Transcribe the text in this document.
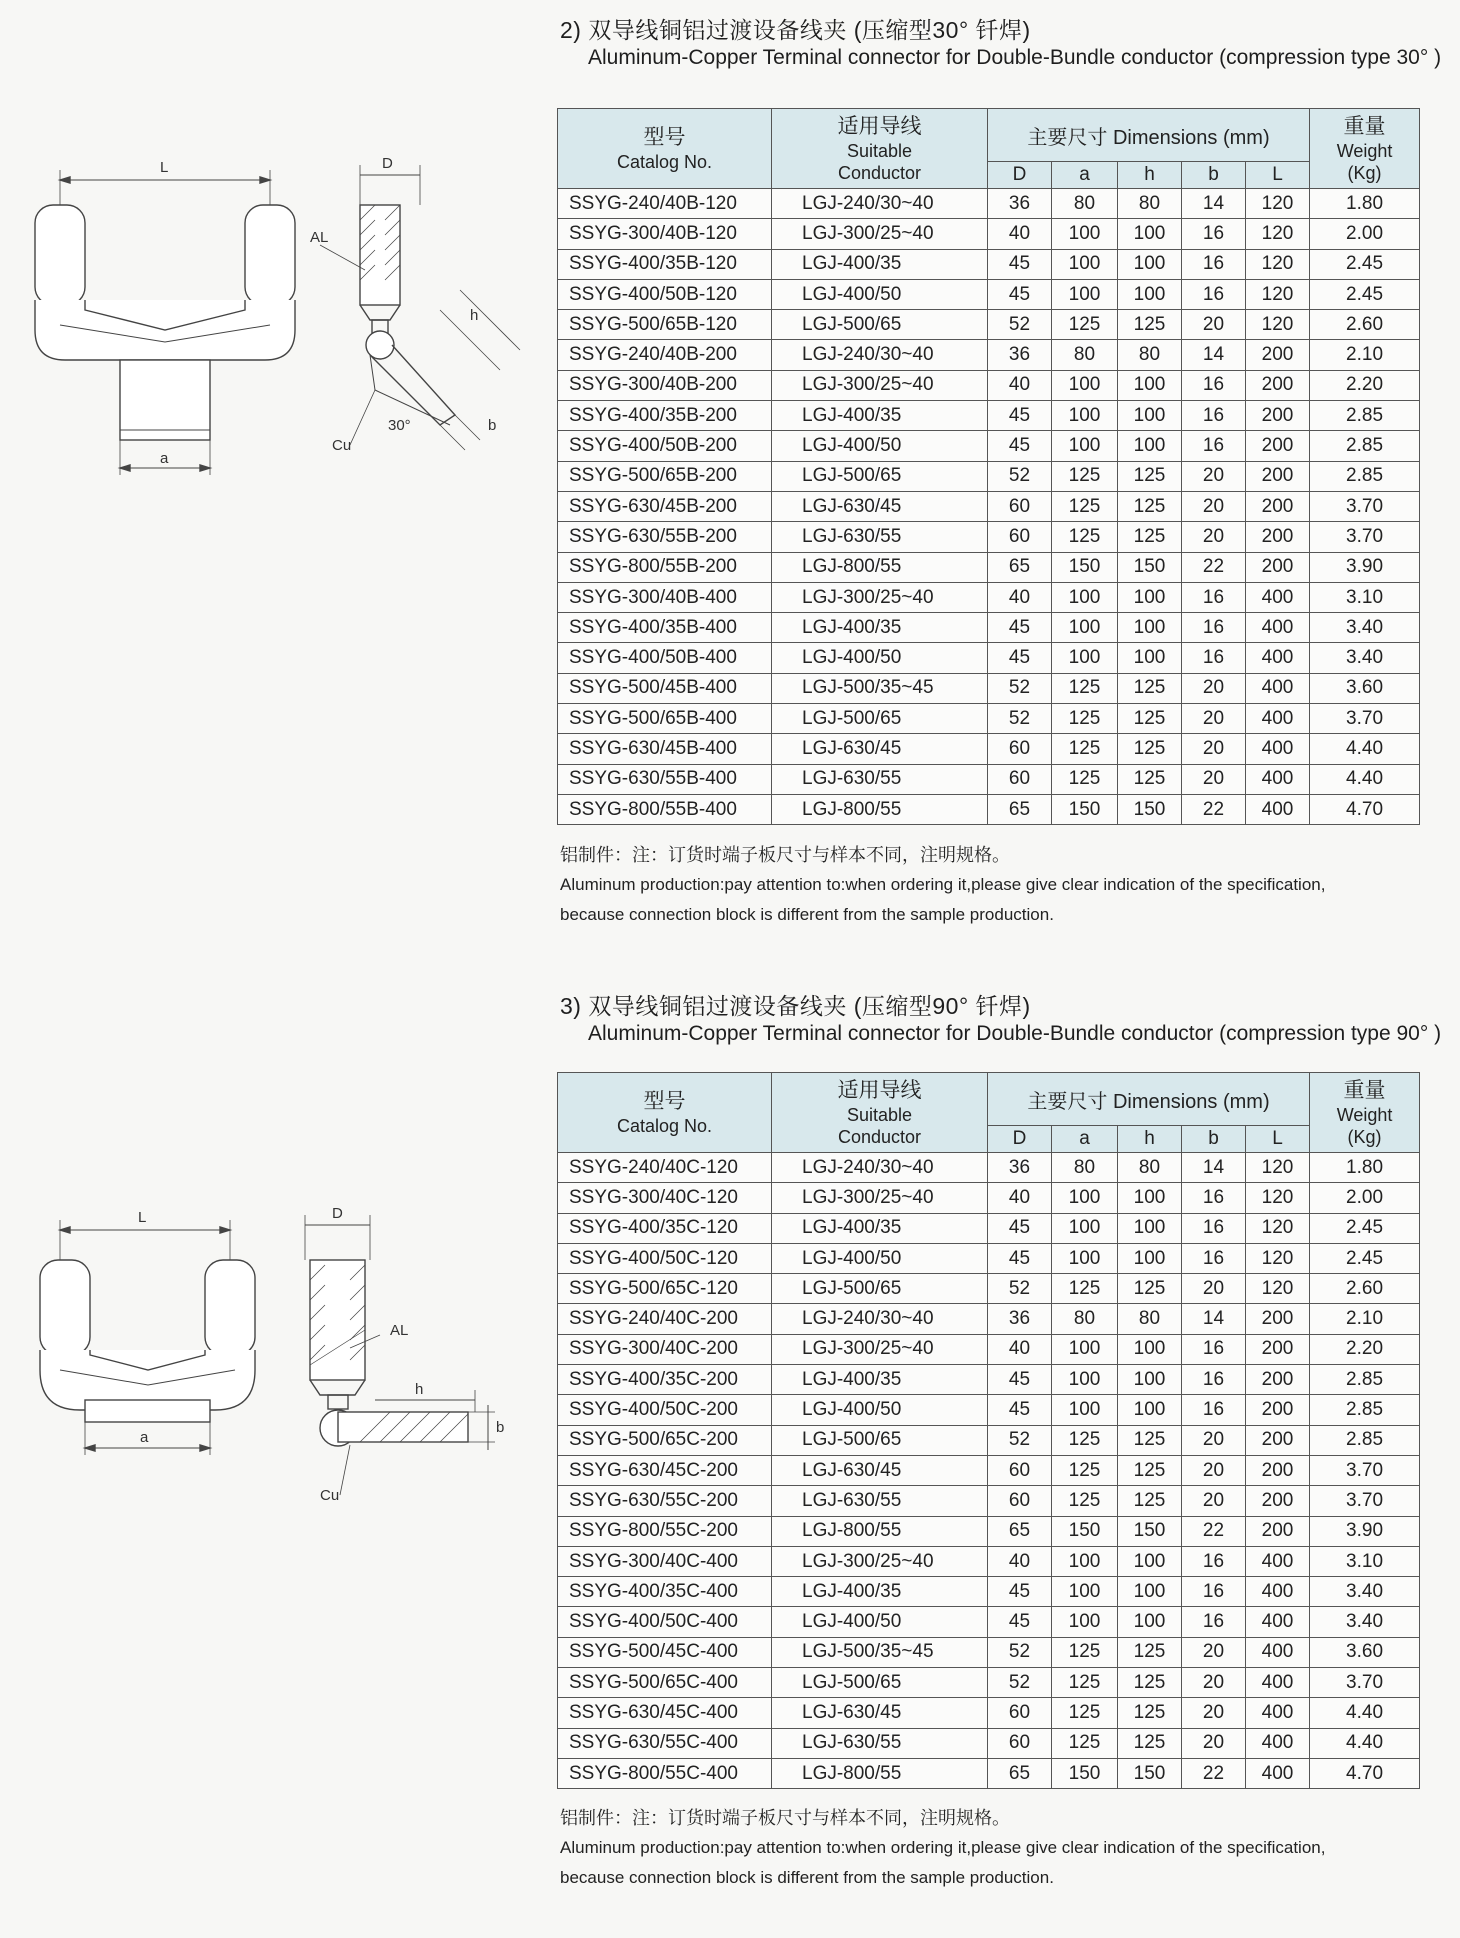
2) 双导线铜铝过渡设备线夹 (压缩型30° 钎焊)
Aluminum-Copper Terminal connector for Double-Bundle conductor (compression type 30° )
型号
Catalog No.	适用导线
Suitable
Conductor	主要尺寸 Dimensions (mm)					重量
Weight
(Kg)

		D	a	h	b	L	
SSYG-240/40B-120	LGJ-240/30~40	36	80	80	14	120	1.80
SSYG-300/40B-120	LGJ-300/25~40	40	100	100	16	120	2.00
SSYG-400/35B-120	LGJ-400/35	45	100	100	16	120	2.45
SSYG-400/50B-120	LGJ-400/50	45	100	100	16	120	2.45
SSYG-500/65B-120	LGJ-500/65	52	125	125	20	120	2.60
SSYG-240/40B-200	LGJ-240/30~40	36	80	80	14	200	2.10
SSYG-300/40B-200	LGJ-300/25~40	40	100	100	16	200	2.20
SSYG-400/35B-200	LGJ-400/35	45	100	100	16	200	2.85
SSYG-400/50B-200	LGJ-400/50	45	100	100	16	200	2.85
SSYG-500/65B-200	LGJ-500/65	52	125	125	20	200	2.85
SSYG-630/45B-200	LGJ-630/45	60	125	125	20	200	3.70
SSYG-630/55B-200	LGJ-630/55	60	125	125	20	200	3.70
SSYG-800/55B-200	LGJ-800/55	65	150	150	22	200	3.90
SSYG-300/40B-400	LGJ-300/25~40	40	100	100	16	400	3.10
SSYG-400/35B-400	LGJ-400/35	45	100	100	16	400	3.40
SSYG-400/50B-400	LGJ-400/50	45	100	100	16	400	3.40
SSYG-500/45B-400	LGJ-500/35~45	52	125	125	20	400	3.60
SSYG-500/65B-400	LGJ-500/65	52	125	125	20	400	3.70
SSYG-630/45B-400	LGJ-630/45	60	125	125	20	400	4.40
SSYG-630/55B-400	LGJ-630/55	60	125	125	20	400	4.40
SSYG-800/55B-400	LGJ-800/55	65	150	150	22	400	4.70
铝制件：注：订货时端子板尺寸与样本不同，注明规格。
Aluminum production:pay attention to:when ordering it,please give clear indication of the specification,
because connection block is different from the sample production.
L
a
D
AL
h
b
30°
Cu
3) 双导线铜铝过渡设备线夹 (压缩型90° 钎焊)
Aluminum-Copper Terminal connector for Double-Bundle conductor (compression type 90° )
型号
Catalog No.	适用导线
Suitable
Conductor	主要尺寸 Dimensions (mm)					重量
Weight
(Kg)

		D	a	h	b	L	
SSYG-240/40C-120	LGJ-240/30~40	36	80	80	14	120	1.80
SSYG-300/40C-120	LGJ-300/25~40	40	100	100	16	120	2.00
SSYG-400/35C-120	LGJ-400/35	45	100	100	16	120	2.45
SSYG-400/50C-120	LGJ-400/50	45	100	100	16	120	2.45
SSYG-500/65C-120	LGJ-500/65	52	125	125	20	120	2.60
SSYG-240/40C-200	LGJ-240/30~40	36	80	80	14	200	2.10
SSYG-300/40C-200	LGJ-300/25~40	40	100	100	16	200	2.20
SSYG-400/35C-200	LGJ-400/35	45	100	100	16	200	2.85
SSYG-400/50C-200	LGJ-400/50	45	100	100	16	200	2.85
SSYG-500/65C-200	LGJ-500/65	52	125	125	20	200	2.85
SSYG-630/45C-200	LGJ-630/45	60	125	125	20	200	3.70
SSYG-630/55C-200	LGJ-630/55	60	125	125	20	200	3.70
SSYG-800/55C-200	LGJ-800/55	65	150	150	22	200	3.90
SSYG-300/40C-400	LGJ-300/25~40	40	100	100	16	400	3.10
SSYG-400/35C-400	LGJ-400/35	45	100	100	16	400	3.40
SSYG-400/50C-400	LGJ-400/50	45	100	100	16	400	3.40
SSYG-500/45C-400	LGJ-500/35~45	52	125	125	20	400	3.60
SSYG-500/65C-400	LGJ-500/65	52	125	125	20	400	3.70
SSYG-630/45C-400	LGJ-630/45	60	125	125	20	400	4.40
SSYG-630/55C-400	LGJ-630/55	60	125	125	20	400	4.40
SSYG-800/55C-400	LGJ-800/55	65	150	150	22	400	4.70
铝制件：注：订货时端子板尺寸与样本不同，注明规格。
Aluminum production:pay attention to:when ordering it,please give clear indication of the specification,
because connection block is different from the sample production.
L
a
D
AL
h
b
Cu
